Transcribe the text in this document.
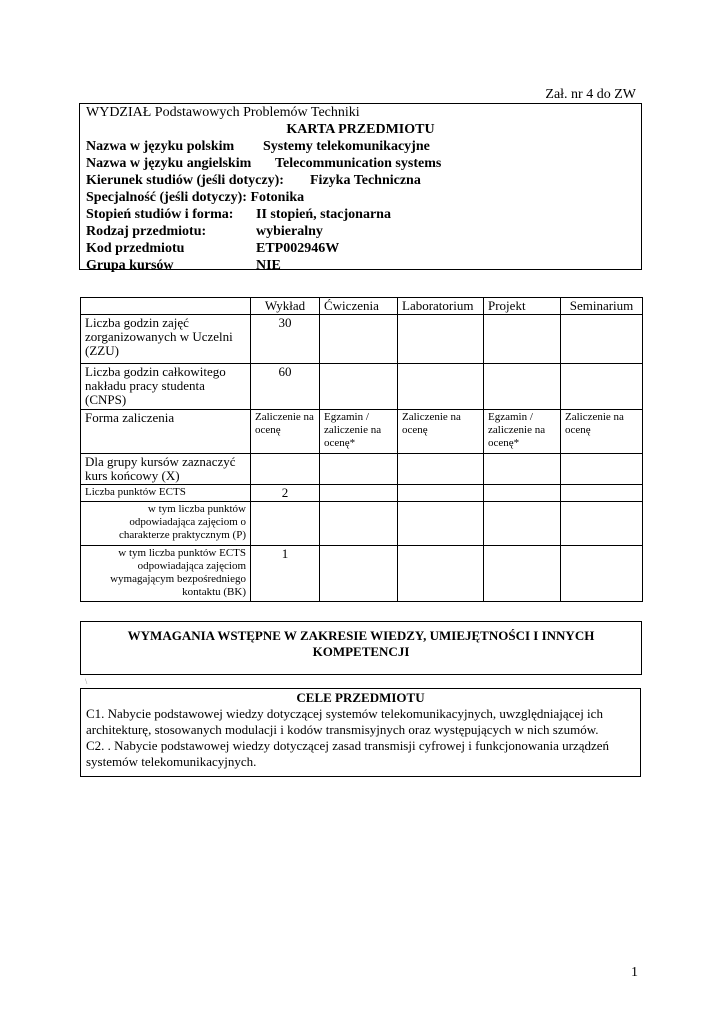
Zał. nr 4 do ZW
WYDZIAŁ Podstawowych Problemów Techniki
KARTA PRZEDMIOTU
Nazwa w języku polskim Systemy telekomunikacyjne
Nazwa w języku angielskim Telecommunication systems
Kierunek studiów (jeśli dotyczy): Fizyka Techniczna
Specjalność (jeśli dotyczy): Fotonika
Stopień studiów i forma: II stopień, stacjonarna
Rodzaj przedmiotu:	wybieralny
Kod przedmiotu	ETP002946W
Grupa kursów	NIE
	Wykład	Ćwiczenia	Laboratorium	Projekt	Seminarium
Liczba godzin zajęć zorganizowanych w Uczelni (ZZU)	30				
Liczba godzin całkowitego nakładu pracy studenta (CNPS)	60				
Forma zaliczenia	Zaliczenie na ocenę	Egzamin / zaliczenie na ocenę*	Zaliczenie na ocenę	Egzamin / zaliczenie na ocenę*	Zaliczenie na ocenę
Dla grupy kursów zaznaczyć kurs końcowy (X)					
Liczba punktów ECTS	2				
w tym liczba punktów odpowiadająca zajęciom o charakterze praktycznym (P)					
w tym liczba punktów ECTS odpowiadająca zajęciom wymagającym bezpośredniego kontaktu (BK)	1				
WYMAGANIA WSTĘPNE W ZAKRESIE WIEDZY, UMIEJĘTNOŚCI I INNYCH KOMPETENCJI
\
CELE PRZEDMIOTU
C1. Nabycie podstawowej wiedzy dotyczącej systemów telekomunikacyjnych, uwzględniającej ich architekturę, stosowanych modulacji i kodów transmisyjnych oraz występujących w nich szumów.
C2. . Nabycie podstawowej wiedzy dotyczącej zasad transmisji cyfrowej i funkcjonowania urządzeń systemów telekomunikacyjnych.
1
